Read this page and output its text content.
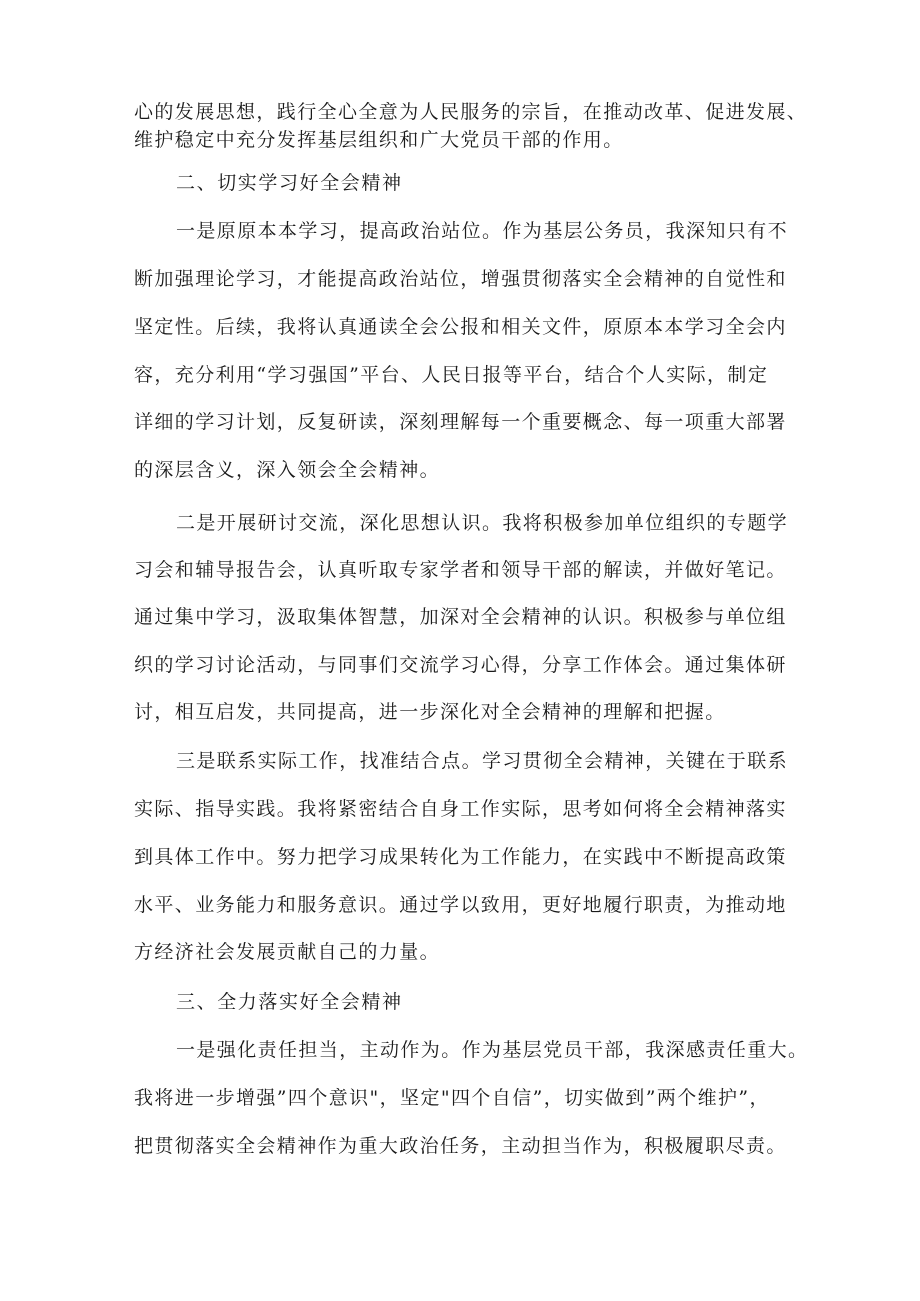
心的发展思想，践行全心全意为人民服务的宗旨，在推动改革、促进发展、
维护稳定中充分发挥基层组织和广大党员干部的作用。
二、切实学习好全会精神
一是原原本本学习，提高政治站位。作为基层公务员，我深知只有不
断加强理论学习，才能提高政治站位，增强贯彻落实全会精神的自觉性和
坚定性。后续，我将认真通读全会公报和相关文件，原原本本学习全会内
容，充分利用“学习强国”平台、人民日报等平台，结合个人实际，制定
详细的学习计划，反复研读，深刻理解每一个重要概念、每一项重大部署
的深层含义，深入领会全会精神。
二是开展研讨交流，深化思想认识。我将积极参加单位组织的专题学
习会和辅导报告会，认真听取专家学者和领导干部的解读，并做好笔记。
通过集中学习，汲取集体智慧，加深对全会精神的认识。积极参与单位组
织的学习讨论活动，与同事们交流学习心得，分享工作体会。通过集体研
讨，相互启发，共同提高，进一步深化对全会精神的理解和把握。
三是联系实际工作，找准结合点。学习贯彻全会精神，关键在于联系
实际、指导实践。我将紧密结合自身工作实际，思考如何将全会精神落实
到具体工作中。努力把学习成果转化为工作能力，在实践中不断提高政策
水平、业务能力和服务意识。通过学以致用，更好地履行职责，为推动地
方经济社会发展贡献自己的力量。
三、全力落实好全会精神
一是强化责任担当，主动作为。作为基层党员干部，我深感责任重大。
我将进一步增强”四个意识"，坚定"四个自信”，切实做到”两个维护”，
把贯彻落实全会精神作为重大政治任务，主动担当作为，积极履职尽责。
